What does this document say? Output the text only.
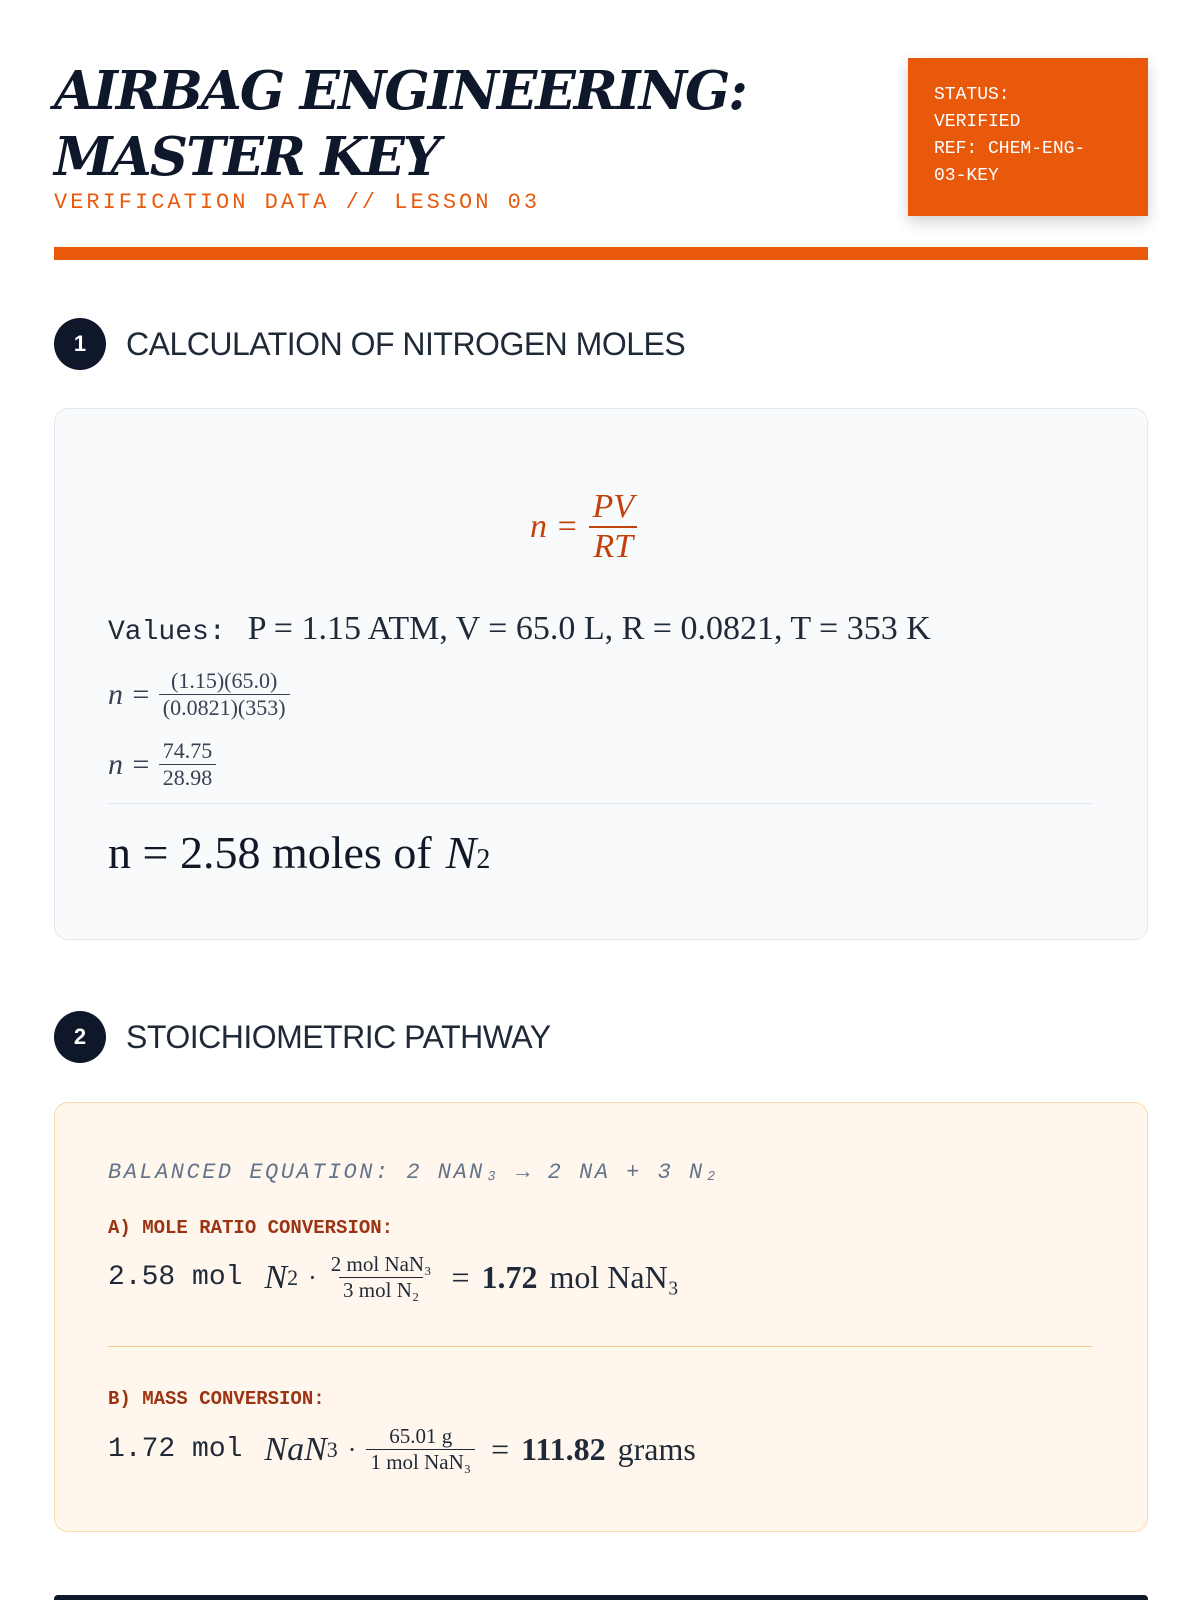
AIRBAG ENGINEERING:
MASTER KEY
VERIFICATION DATA // LESSON 03
STATUS:
VERIFIED
REF: CHEM-ENG-
03-KEY
1	CALCULATION OF NITROGEN MOLES
$n = \frac{PV}{RT}$
Values: P = 1.15 ATM, V = 65.0 L, R = 0.0821, T = 353 K
$n = \frac{(1.15)(65.0)}{(0.0821)(353)}$
$n = \frac{74.75}{28.98}$
n = 2.58 moles of N 2
2	STOICHIOMETRIC PATHWAY
BALANCED EQUATION: 2 NAN₃ → 2 NA + 3 N₂
A) MOLE RATIO CONVERSION:
2.58 mol N $2 \cdot \frac{\text{2 mol NaN₃}}{\text{3 mol N₂}} = 1.72$ mol NaN₃
B) MASS CONVERSION:
1.72 mol NaN $3 \cdot \frac{65.01 g}{\text{1 mol NaN₃}} = 111.82$ grams
